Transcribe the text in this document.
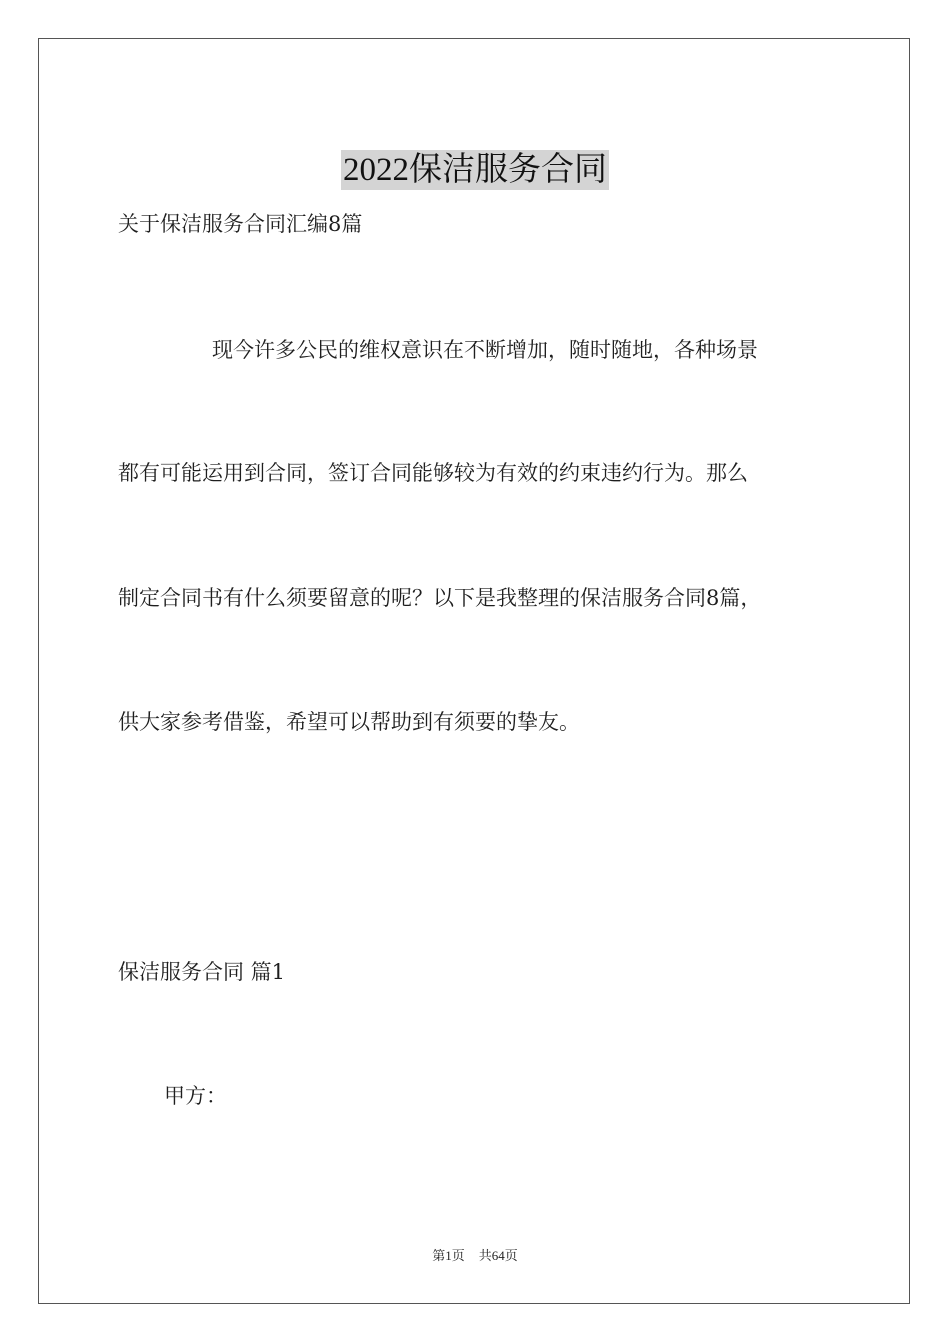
2022保洁服务合同
关于保洁服务合同汇编8篇
现今许多公民的维权意识在不断增加，随时随地，各种场景
都有可能运用到合同，签订合同能够较为有效的约束违约行为。那么
制定合同书有什么须要留意的呢？以下是我整理的保洁服务合同8篇，
供大家参考借鉴，希望可以帮助到有须要的挚友。
保洁服务合同 篇1
甲方：
第1页 共64页
